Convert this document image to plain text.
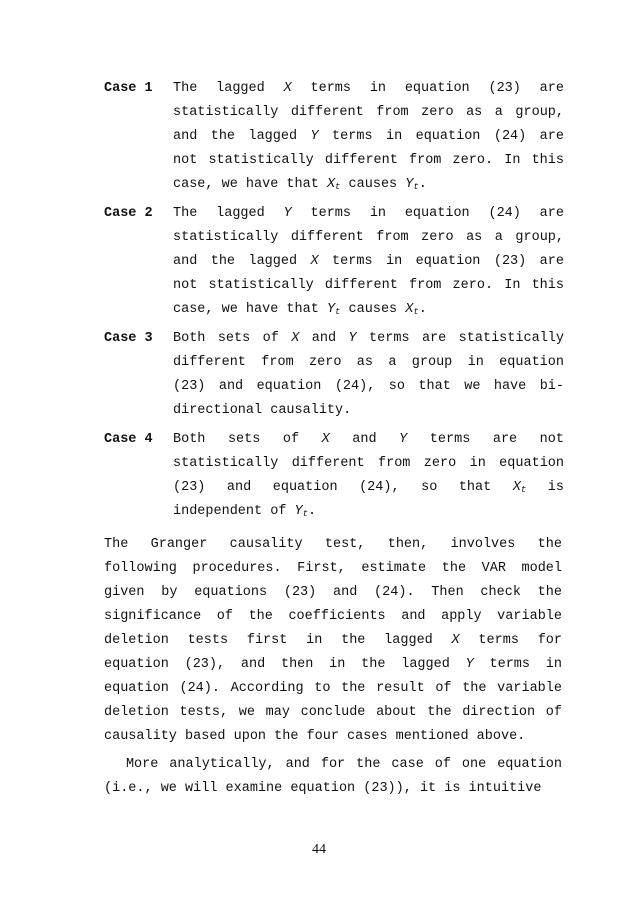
Case 1 The lagged X terms in equation (23) are
statistically different from zero as a group,
and the lagged Y terms in equation (24) are
not statistically different from zero. In this
case, we have that $X_t$ causes $Y_t$.
Case 2 The lagged Y terms in equation (24) are
statistically different from zero as a group,
and the lagged X terms in equation (23) are
not statistically different from zero. In this
case, we have that $Y_t$ causes $X_t$.
Case 3 Both sets of X and Y terms are statistically
different from zero as a group in equation
(23) and equation (24), so that we have bi-
directional causality.
Case 4 Both sets of X and Y terms are not
statistically different from zero in equation
(23) and equation (24), so that $X_t$ is
independent of $Y_t$.
The Granger causality test, then, involves the
following procedures. First, estimate the VAR model
given by equations (23) and (24). Then check the
significance of the coefficients and apply variable
deletion tests first in the lagged X terms for
equation (23), and then in the lagged Y terms in
equation (24). According to the result of the variable
deletion tests, we may conclude about the direction of
causality based upon the four cases mentioned above.
More analytically, and for the case of one equation
(i.e., we will examine equation (23)), it is intuitive
44
